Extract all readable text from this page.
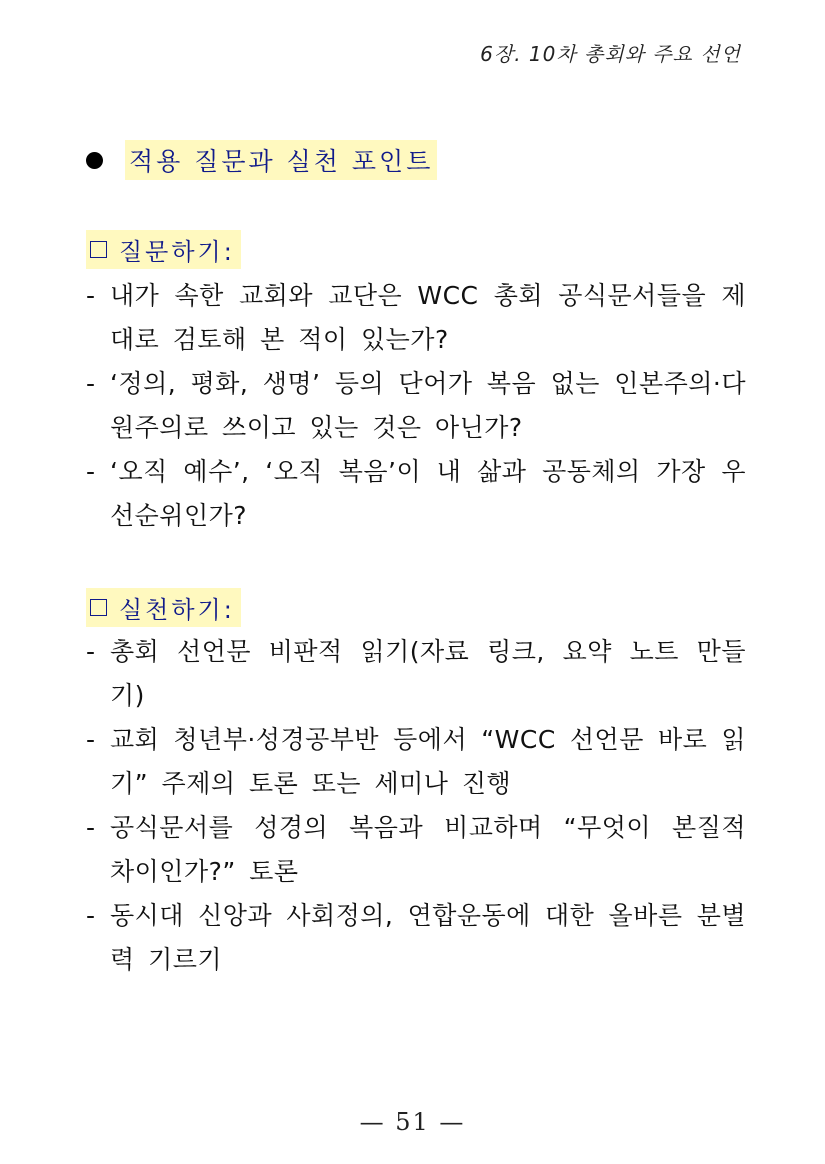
6장. 10차 총회와 주요 선언
적용 질문과 실천 포인트
질문하기:
- 내가 속한 교회와 교단은 WCC 총회 공식문서들을 제대로 검토해 본 적이 있는가?
- ‘정의, 평화, 생명’ 등의 단어가 복음 없는 인본주의·다원주의로 쓰이고 있는 것은 아닌가?
- ‘오직 예수’, ‘오직 복음’이 내 삶과 공동체의 가장 우선순위인가?
실천하기:
- 총회 선언문 비판적 읽기(자료 링크, 요약 노트 만들기)
- 교회 청년부·성경공부반 등에서 “WCC 선언문 바로 읽기” 주제의 토론 또는 세미나 진행
- 공식문서를 성경의 복음과 비교하며 “무엇이 본질적 차이인가?” 토론
- 동시대 신앙과 사회정의, 연합운동에 대한 올바른 분별력 기르기
— 51 —
